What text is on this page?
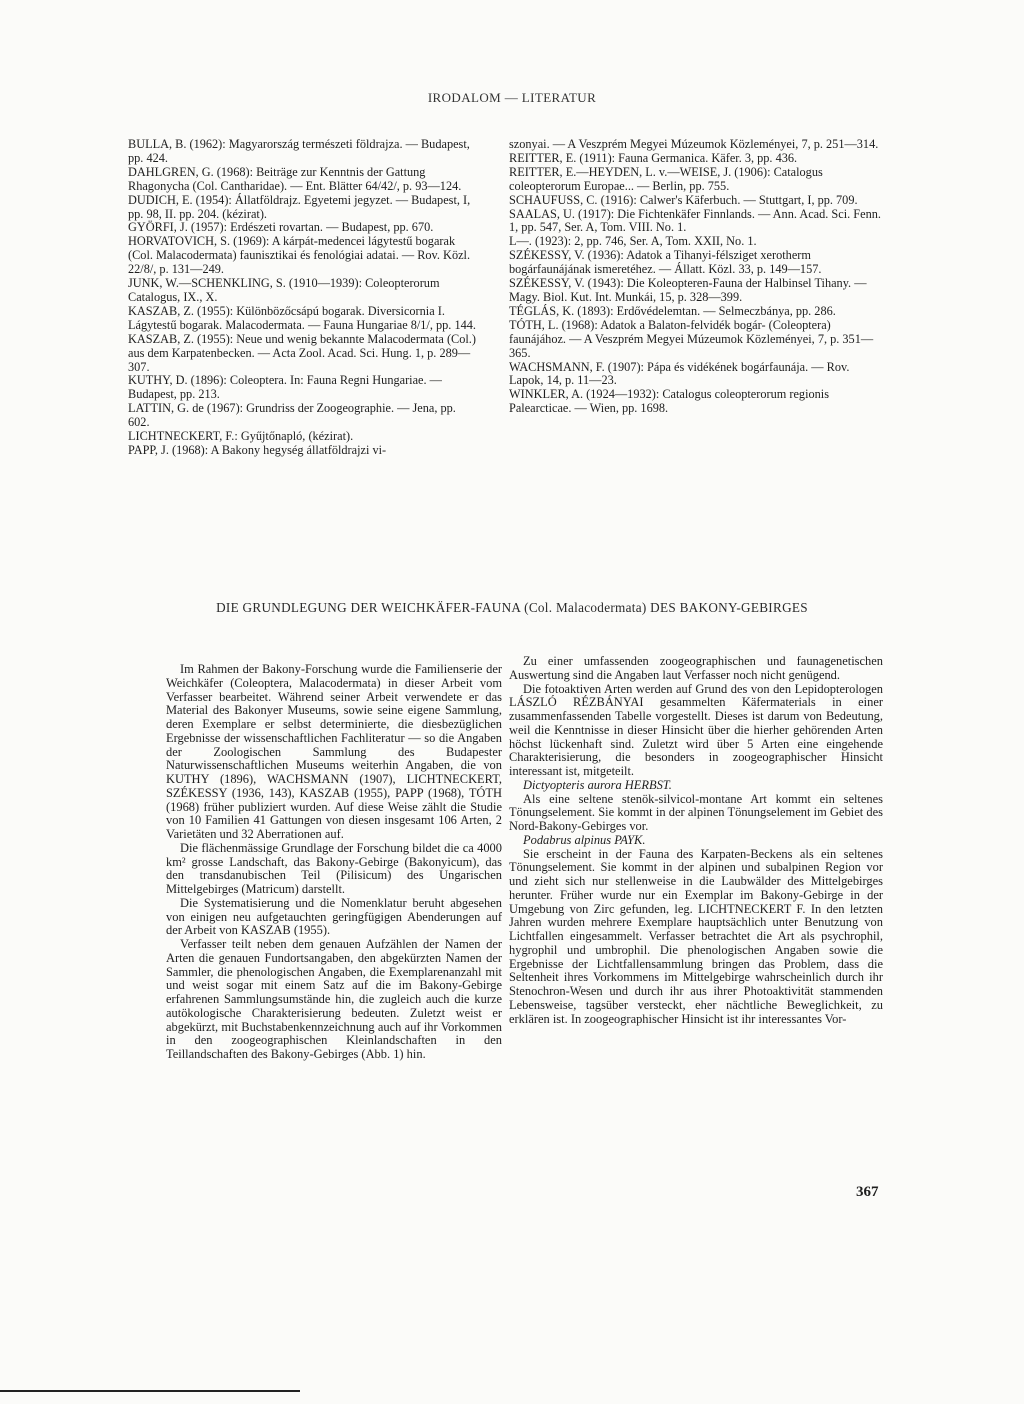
IRODALOM — LITERATUR

BULLA, B. (1962): Magyarország természeti földrajza. — Budapest, pp. 424.

DAHLGREN, G. (1968): Beiträge zur Kenntnis der Gattung Rhagonycha (Col. Cantharidae). — Ent. Blätter 64/42/, p. 93—124.

DUDICH, E. (1954): Állatföldrajz. Egyetemi jegyzet. — Budapest, I, pp. 98, II. pp. 204. (kézirat).

GYÖRFI, J. (1957): Erdészeti rovartan. — Budapest, pp. 670.

HORVATOVICH, S. (1969): A kárpát-medencei lágytestű bogarak (Col. Malacodermata) faunisztikai és fenológiai adatai. — Rov. Közl. 22/8/, p. 131—249.

JUNK, W.—SCHENKLING, S. (1910—1939): Coleopterorum Catalogus, IX., X.

KASZAB, Z. (1955): Különbözőcsápú bogarak. Diversicornia I. Lágytestű bogarak. Malacodermata. — Fauna Hungariae 8/1/, pp. 144.

KASZAB, Z. (1955): Neue und wenig bekannte Malacodermata (Col.) aus dem Karpatenbecken. — Acta Zool. Acad. Sci. Hung. 1, p. 289—307.

KUTHY, D. (1896): Coleoptera. In: Fauna Regni Hungariae. — Budapest, pp. 213.

LATTIN, G. de (1967): Grundriss der Zoogeographie. — Jena, pp. 602.

LICHTNECKERT, F.: Gyűjtőnapló, (kézirat).

PAPP, J. (1968): A Bakony hegység állatföldrajzi vi-

szonyai. — A Veszprém Megyei Múzeumok Közleményei, 7, p. 251—314.

REITTER, E. (1911): Fauna Germanica. Käfer. 3, pp. 436.

REITTER, E.—HEYDEN, L. v.—WEISE, J. (1906): Catalogus coleopterorum Europae... — Berlin, pp. 755.

SCHAUFUSS, C. (1916): Calwer's Käferbuch. — Stuttgart, I, pp. 709.

SAALAS, U. (1917): Die Fichtenkäfer Finnlands. — Ann. Acad. Sci. Fenn. 1, pp. 547, Ser. A, Tom. VIII. No. 1.

L—. (1923): 2, pp. 746, Ser. A, Tom. XXII, No. 1.

SZÉKESSY, V. (1936): Adatok a Tihanyi-félsziget xerotherm bogárfaunájának ismeretéhez. — Állatt. Közl. 33, p. 149—157.

SZÉKESSY, V. (1943): Die Koleopteren-Fauna der Halbinsel Tihany. — Magy. Biol. Kut. Int. Munkái, 15, p. 328—399.

TÉGLÁS, K. (1893): Erdővédelemtan. — Selmeczbánya, pp. 286.

TÓTH, L. (1968): Adatok a Balaton-felvidék bogár- (Coleoptera) faunájához. — A Veszprém Megyei Múzeumok Közleményei, 7, p. 351—365.

WACHSMANN, F. (1907): Pápa és vidékének bogárfaunája. — Rov. Lapok, 14, p. 11—23.

WINKLER, A. (1924—1932): Catalogus coleopterorum regionis Palearcticae. — Wien, pp. 1698.

DIE GRUNDLEGUNG DER WEICHKÄFER-FAUNA (Col. Malacodermata) DES BAKONY-GEBIRGES

Im Rahmen der Bakony-Forschung wurde die Familienserie der Weichkäfer (Coleoptera, Malacodermata) in dieser Arbeit vom Verfasser bearbeitet. Während seiner Arbeit verwendete er das Material des Bakonyer Museums, sowie seine eigene Sammlung, deren Exemplare er selbst determinierte, die diesbezüglichen Ergebnisse der wissenschaftlichen Fachliteratur — so die Angaben der Zoologischen Sammlung des Budapester Naturwissenschaftlichen Museums weiterhin Angaben, die von KUTHY (1896), WACHSMANN (1907), LICHTNECKERT, SZÉKESSY (1936, 143), KASZAB (1955), PAPP (1968), TÓTH (1968) früher publiziert wurden. Auf diese Weise zählt die Studie von 10 Familien 41 Gattungen von diesen insgesamt 106 Arten, 2 Varietäten und 32 Aberrationen auf.

Die flächenmässige Grundlage der Forschung bildet die ca 4000 km² grosse Landschaft, das Bakony-Gebirge (Bakonyicum), das den transdanubischen Teil (Pilisicum) des Ungarischen Mittelgebirges (Matricum) darstellt.

Die Systematisierung und die Nomenklatur beruht abgesehen von einigen neu aufgetauchten geringfügigen Abenderungen auf der Arbeit von KASZAB (1955).

Verfasser teilt neben dem genauen Aufzählen der Namen der Arten die genauen Fundortsangaben, den abgekürzten Namen der Sammler, die phenologischen Angaben, die Exemplarenanzahl mit und weist sogar mit einem Satz auf die im Bakony-Gebirge erfahrenen Sammlungsumstände hin, die zugleich auch die kurze autökologische Charakterisierung bedeuten. Zuletzt weist er abgekürzt, mit Buchstabenkennzeichnung auch auf ihr Vorkommen in den zoogeographischen Kleinlandschaften in den Teillandschaften des Bakony-Gebirges (Abb. 1) hin.

Zu einer umfassenden zoogeographischen und faunagenetischen Auswertung sind die Angaben laut Verfasser noch nicht genügend.

Die fotoaktiven Arten werden auf Grund des von den Lepidopterologen LÁSZLÓ RÉZBÁNYAI gesammelten Käfermaterials in einer zusammenfassenden Tabelle vorgestellt. Dieses ist darum von Bedeutung, weil die Kenntnisse in dieser Hinsicht über die hierher gehörenden Arten höchst lückenhaft sind. Zuletzt wird über 5 Arten eine eingehende Charakterisierung, die besonders in zoogeographischer Hinsicht interessant ist, mitgeteilt.

Dictyopteris aurora HERBST.

Als eine seltene stenök-silvicol-montane Art kommt ein seltenes Tönungselement. Sie kommt in der alpinen Tönungselement im Gebiet des Nord-Bakony-Gebirges vor.

Podabrus alpinus PAYK.

Sie erscheint in der Fauna des Karpaten-Beckens als ein seltenes Tönungselement. Sie kommt in der alpinen und subalpinen Region vor und zieht sich nur stellenweise in die Laubwälder des Mittelgebirges herunter. Früher wurde nur ein Exemplar im Bakony-Gebirge in der Umgebung von Zirc gefunden, leg. LICHTNECKERT F. In den letzten Jahren wurden mehrere Exemplare hauptsächlich unter Benutzung von Lichtfallen eingesammelt. Verfasser betrachtet die Art als psychrophil, hygrophil und umbrophil. Die phenologischen Angaben sowie die Ergebnisse der Lichtfallensammlung bringen das Problem, dass die Seltenheit ihres Vorkommens im Mittelgebirge wahrscheinlich durch ihr Stenochron-Wesen und durch ihr aus ihrer Photoaktivität stammenden Lebensweise, tagsüber versteckt, eher nächtliche Beweglichkeit, zu erklären ist. In zoogeographischer Hinsicht ist ihr interessantes Vor-

367
